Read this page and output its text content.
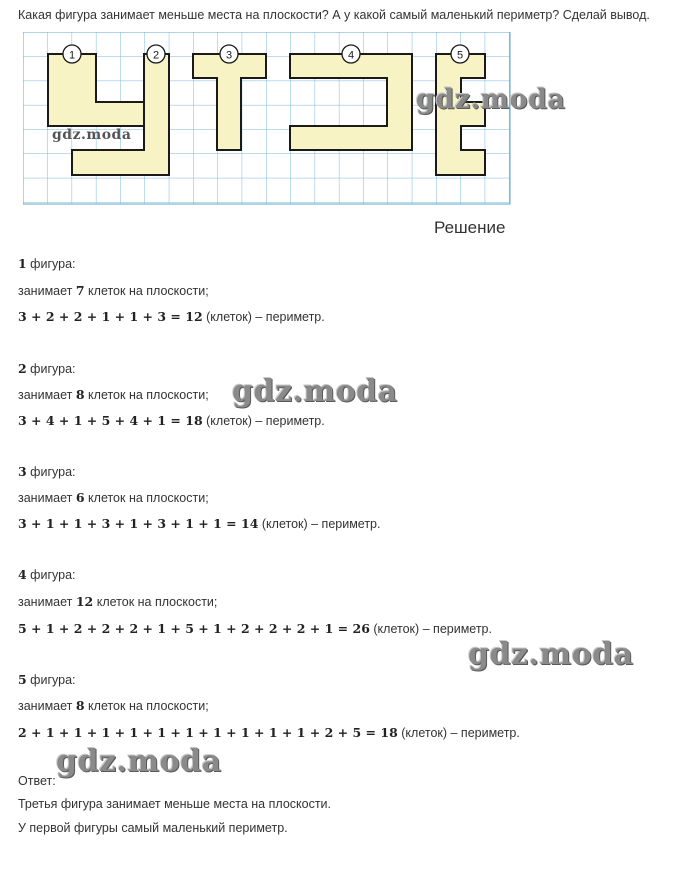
Какая фигура занимает меньше места на плоскости? А у какой самый маленький периметр? Сделай вывод.
1	2	3	4	5
gdz.moda
gdz.moda
gdz.moda
gdz.moda
gdz.moda
Решение
1 фигура:
занимает 7 клеток на плоскости;
3 + 2 + 2 + 1 + 1 + 3 = 12 (клеток) – периметр.
2 фигура:
занимает 8 клеток на плоскости;
3 + 4 + 1 + 5 + 4 + 1 = 18 (клеток) – периметр.
3 фигура:
занимает 6 клеток на плоскости;
3 + 1 + 1 + 3 + 1 + 3 + 1 + 1 = 14 (клеток) – периметр.
4 фигура:
занимает 12 клеток на плоскости;
5 + 1 + 2 + 2 + 2 + 1 + 5 + 1 + 2 + 2 + 2 + 1 = 26 (клеток) – периметр.
5 фигура:
занимает 8 клеток на плоскости;
2 + 1 + 1 + 1 + 1 + 1 + 1 + 1 + 1 + 1 + 1 + 2 + 5 = 18 (клеток) – периметр.
Ответ:
Третья фигура занимает меньше места на плоскости.
У первой фигуры самый маленький периметр.
